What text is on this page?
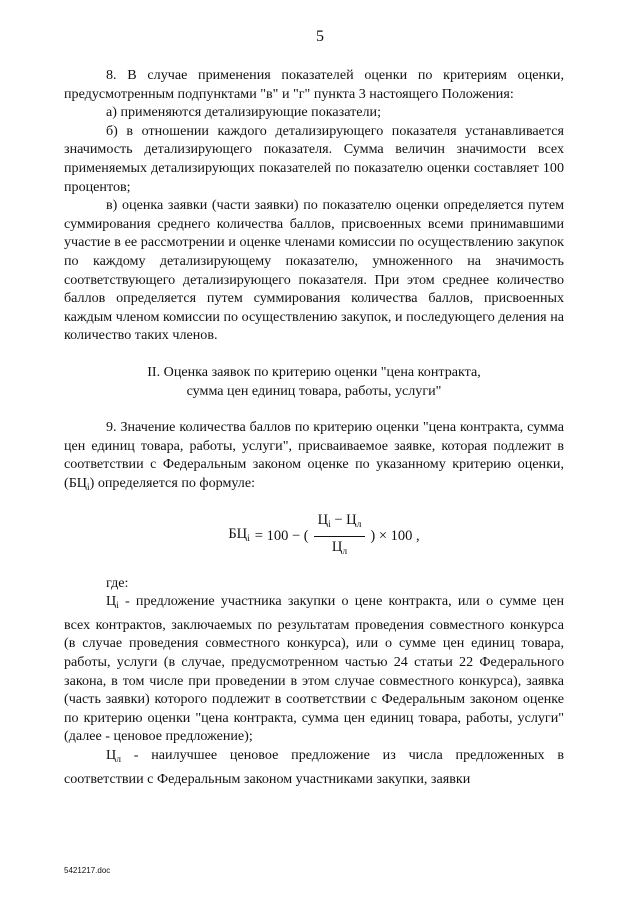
5

8. В случае применения показателей оценки по критериям оценки, предусмотренным подпунктами "в" и "г" пункта 3 настоящего Положения:

а) применяются детализирующие показатели;

б) в отношении каждого детализирующего показателя устанавливается значимость детализирующего показателя. Сумма величин значимости всех применяемых детализирующих показателей по показателю оценки составляет 100 процентов;

в) оценка заявки (части заявки) по показателю оценки определяется путем суммирования среднего количества баллов, присвоенных всеми принимавшими участие в ее рассмотрении и оценке членами комиссии по осуществлению закупок по каждому детализирующему показателю, умноженного на значимость соответствующего детализирующего показателя. При этом среднее количество баллов определяется путем суммирования количества баллов, присвоенных каждым членом комиссии по осуществлению закупок, и последующего деления на количество таких членов.

II. Оценка заявок по критерию оценки "цена контракта,

сумма цен единиц товара, работы, услуги"

9. Значение количества баллов по критерию оценки "цена контракта, сумма цен единиц товара, работы, услуги", присваиваемое заявке, которая подлежит в соответствии с Федеральным законом оценке по указанному критерию оценки, $(БЦ_i)$ определяется по формуле:

$БЦ_i = 100$ − ( $\frac{Ц_i - Ц_л}{Ц_л}$ ) × 100 ,

где:

$Ц_i$ - предложение участника закупки о цене контракта, или о сумме цен всех контрактов, заключаемых по результатам проведения совместного конкурса (в случае проведения совместного конкурса), или о сумме цен единиц товара, работы, услуги (в случае, предусмотренном частью 24 статьи 22 Федерального закона, в том числе при проведении в этом случае совместного конкурса), заявка (часть заявки) которого подлежит в соответствии с Федеральным законом оценке по критерию оценки "цена контракта, сумма цен единиц товара, работы, услуги" (далее - ценовое предложение);

$Ц_л$ - наилучшее ценовое предложение из числа предложенных в соответствии с Федеральным законом участниками закупки, заявки

5421217.doc
